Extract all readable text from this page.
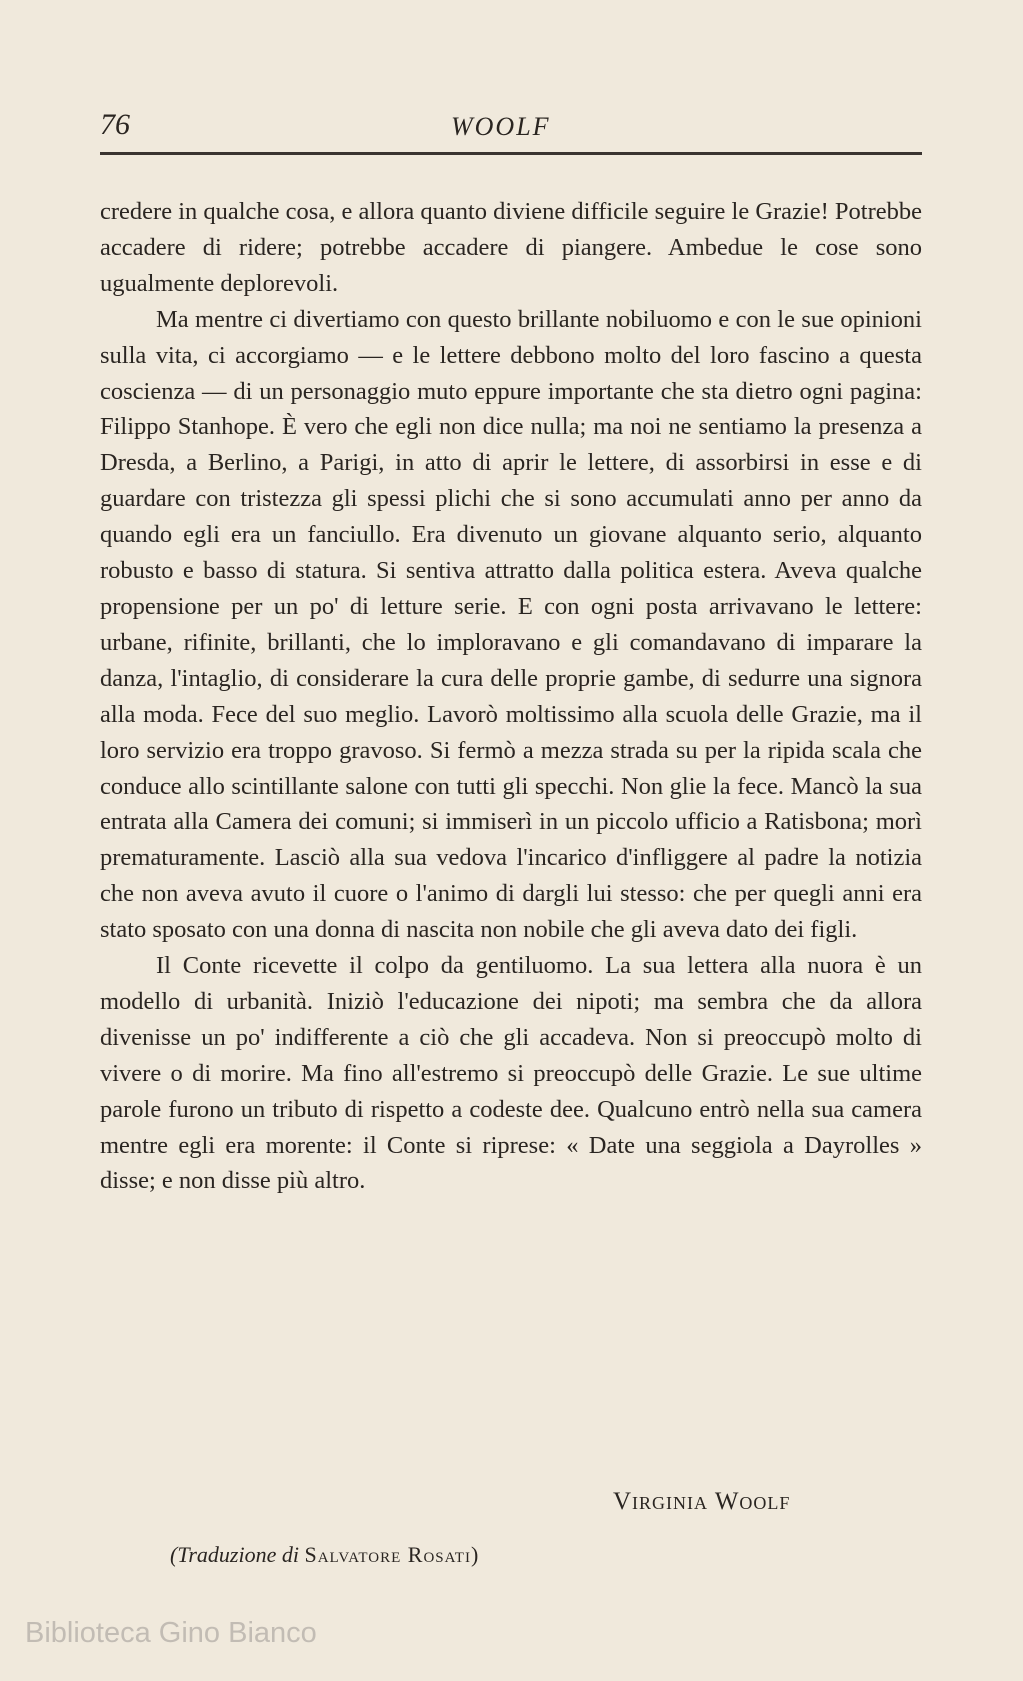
76	WOOLF

credere in qualche cosa, e allora quanto diviene difficile seguire le Grazie! Potrebbe accadere di ridere; potrebbe accadere di piangere. Ambedue le cose sono ugualmente deplorevoli.

Ma mentre ci divertiamo con questo brillante nobiluomo e con le sue opinioni sulla vita, ci accorgiamo — e le lettere debbono molto del loro fascino a questa coscienza — di un personaggio muto eppure importante che sta dietro ogni pagina: Filippo Stanhope. È vero che egli non dice nulla; ma noi ne sentiamo la presenza a Dresda, a Berlino, a Parigi, in atto di aprir le lettere, di assorbirsi in esse e di guardare con tristezza gli spessi plichi che si sono accumulati anno per anno da quando egli era un fanciullo. Era divenuto un giovane alquanto serio, alquanto robusto e basso di statura. Si sentiva attratto dalla politica estera. Aveva qualche propensione per un po' di letture serie. E con ogni posta arrivavano le lettere: urbane, rifinite, brillanti, che lo imploravano e gli comandavano di imparare la danza, l'intaglio, di considerare la cura delle proprie gambe, di sedurre una signora alla moda. Fece del suo meglio. Lavorò moltissimo alla scuola delle Grazie, ma il loro servizio era troppo gravoso. Si fermò a mezza strada su per la ripida scala che conduce allo scintillante salone con tutti gli specchi. Non glie la fece. Mancò la sua entrata alla Camera dei comuni; si immiserì in un piccolo ufficio a Ratisbona; morì prematuramente. Lasciò alla sua vedova l'incarico d'infliggere al padre la notizia che non aveva avuto il cuore o l'animo di dargli lui stesso: che per quegli anni era stato sposato con una donna di nascita non nobile che gli aveva dato dei figli.

Il Conte ricevette il colpo da gentiluomo. La sua lettera alla nuora è un modello di urbanità. Iniziò l'educazione dei nipoti; ma sembra che da allora divenisse un po' indifferente a ciò che gli accadeva. Non si preoccupò molto di vivere o di morire. Ma fino all'estremo si preoccupò delle Grazie. Le sue ultime parole furono un tributo di rispetto a codeste dee. Qualcuno entrò nella sua camera mentre egli era morente: il Conte si riprese: « Date una seggiola a Dayrolles » disse; e non disse più altro.

Virginia Woolf
(Traduzione di Salvatore Rosati)
Biblioteca Gino Bianco
